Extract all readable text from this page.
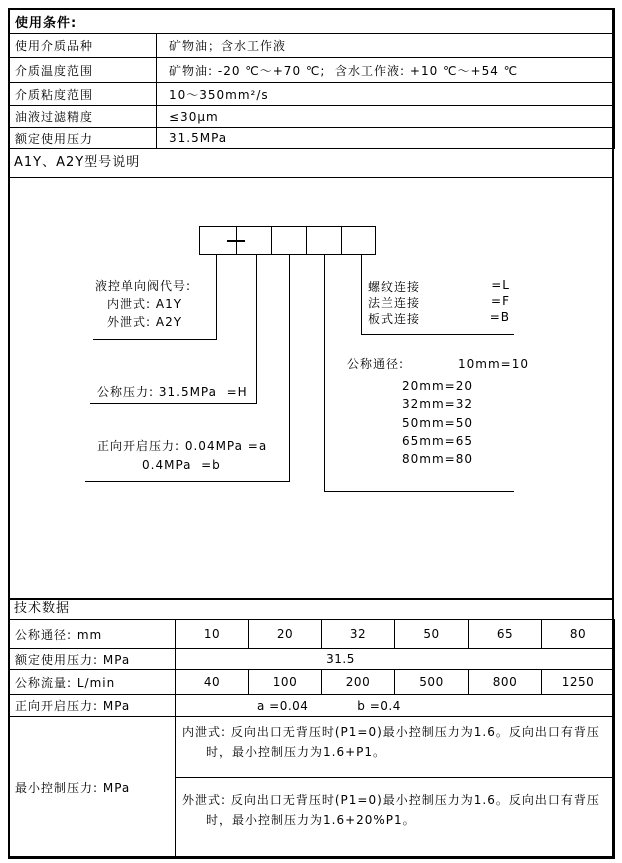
使用条件:	
使用介质品种	矿物油；含水工作液
介质温度范围	矿物油: -20 ℃～+70 ℃;  含水工作液: +10 ℃～+54 ℃
介质粘度范围	10～350mm²/s
油液过滤精度	≤30μm
额定使用压力	31.5MPa
A1Y、A2Y型号说明
液控单向阀代号:
内泄式: A1Y
外泄式: A2Y
螺纹连接	=L
法兰连接	=F
板式连接	=B
公称压力: 31.5MPa  =H
正向开启压力: 0.04MPa =a
0.4MPa  =b
公称通径:	10mm=10
20mm=20
32mm=32
50mm=50
65mm=65
80mm=80
技术数据
公称通径: mm	10	20	32	50	65	80
额定使用压力: MPa	31.5					
公称流量: L/min	40	100	200	500	800	1250
正向开启压力: MPa	a =0.04 b =0.4					
最小控制压力: MPa	内泄式: 反向出口无背压时(P1=0)最小控制压力为1.6。反向出口有背压
时，最小控制压力为1.6+P1。					

	外泄式: 反向出口无背压时(P1=0)最小控制压力为1.6。反向出口有背压
时，最小控制压力为1.6+20%P1。					
